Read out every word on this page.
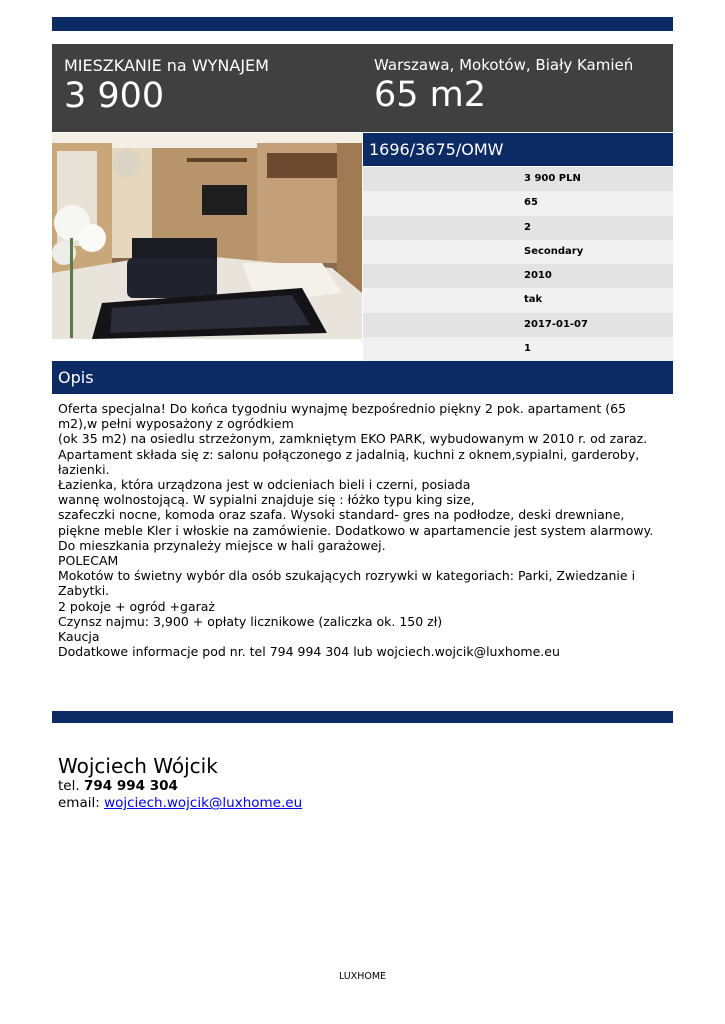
MIESZKANIE na WYNAJEM
3 900
Warszawa, Mokotów, Biały Kamień
65 m2
1696/3675/OMW
3 900 PLN
65
2
Secondary
2010
tak
2017-01-07
1
Opis

Oferta specjalna! Do końca tygodniu wynajmę bezpośrednio piękny 2 pok. apartament (65 m2),w pełni wyposażony z ogródkiem

(ok 35 m2) na osiedlu strzeżonym, zamkniętym EKO PARK, wybudowanym w 2010 r. od zaraz.

Apartament składa się z: salonu połączonego z jadalnią, kuchni z oknem,sypialni, garderoby, łazienki.

Łazienka, która urządzona jest w odcieniach bieli i czerni, posiada

wannę wolnostojącą. W sypialni znajduje się : łóżko typu king size,

szafeczki nocne, komoda oraz szafa. Wysoki standard- gres na podłodze, deski drewniane, piękne meble Kler i włoskie na zamówienie. Dodatkowo w apartamencie jest system alarmowy.

Do mieszkania przynależy miejsce w hali garażowej.

POLECAM

Mokotów to świetny wybór dla osób szukających rozrywki w kategoriach: Parki, Zwiedzanie i Zabytki.

2 pokoje + ogród +garaż

Czynsz najmu: 3,900 + opłaty licznikowe (zaliczka ok. 150 zł)

Kaucja

Dodatkowe informacje pod nr. tel 794 994 304 lub wojciech.wojcik@luxhome.eu

Wojciech Wójcik
tel. 794 994 304
email: wojciech.wojcik@luxhome.eu
LUXHOME
